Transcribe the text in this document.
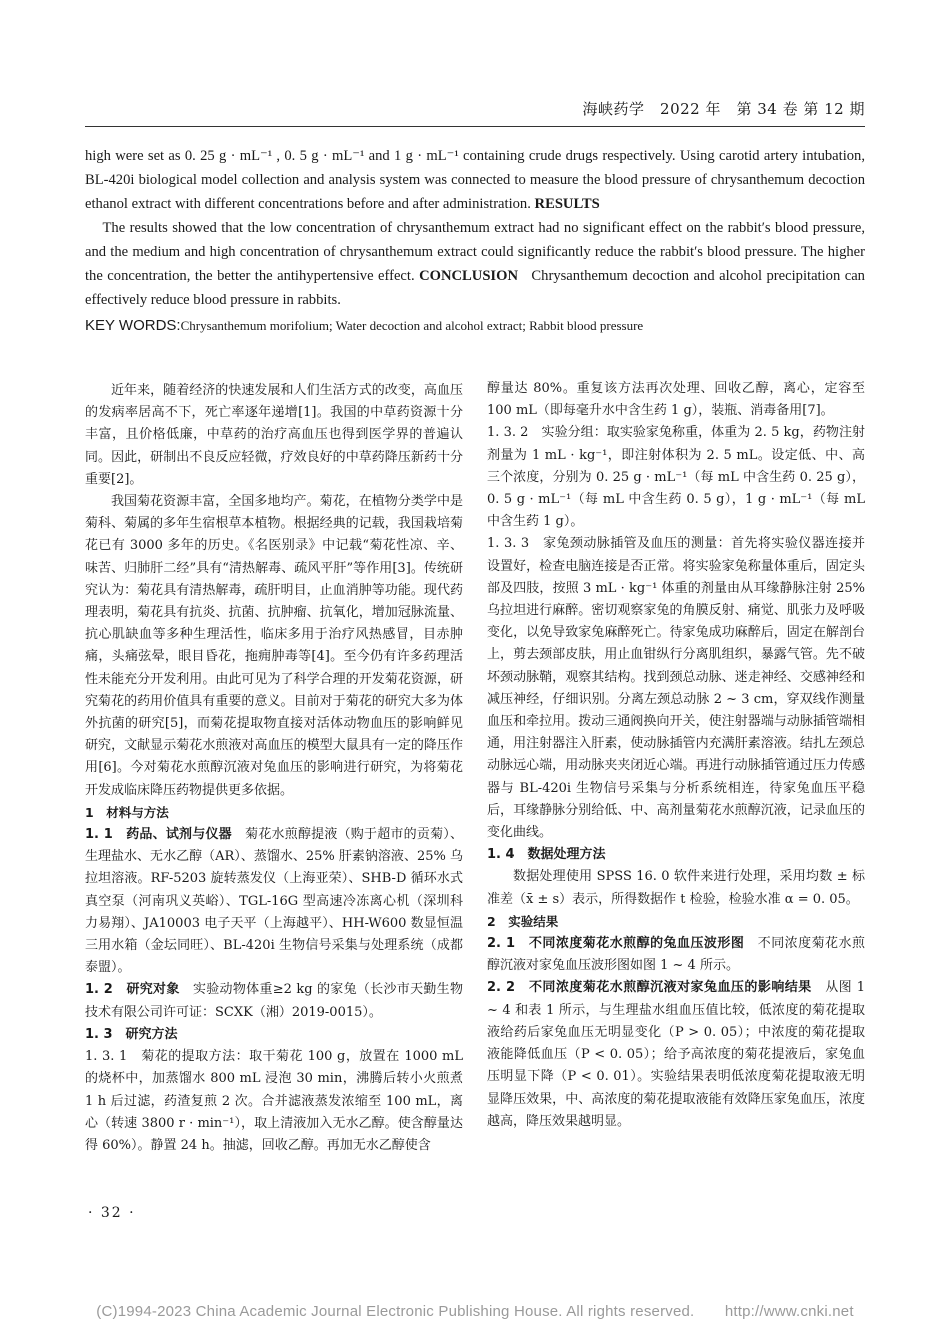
海峡药学　2022 年　第 34 卷 第 12 期

high were set as 0. 25 g · mL⁻¹ , 0. 5 g · mL⁻¹ and 1 g · mL⁻¹ containing crude drugs respectively. Using carotid artery intubation, BL-420i biological model collection and analysis system was connected to measure the blood pressure of chrysanthemum decoction ethanol extract with different concentrations before and after administration. RESULTS

The results showed that the low concentration of chrysanthemum extract had no significant effect on the rabbit′s blood pressure, and the medium and high concentration of chrysanthemum extract could significantly reduce the rabbit′s blood pressure. The higher the concentration, the better the antihypertensive effect. CONCLUSION Chrysanthemum decoction and alcohol precipitation can effectively reduce blood pressure in rabbits.

KEY WORDS:Chrysanthemum morifolium; Water decoction and alcohol extract; Rabbit blood pressure

近年来，随着经济的快速发展和人们生活方式的改变，高血压的发病率居高不下，死亡率逐年递增[1]。我国的中草药资源十分丰富，且价格低廉，中草药的治疗高血压也得到医学界的普遍认同。因此，研制出不良反应轻微，疗效良好的中草药降压新药十分重要[2]。

我国菊花资源丰富，全国多地均产。菊花，在植物分类学中是菊科、菊属的多年生宿根草本植物。根据经典的记载，我国栽培菊花已有 3000 多年的历史。《名医别录》中记载“菊花性凉、辛、味苦、归肺肝二经”具有“清热解毒、疏风平肝”等作用[3]。传统研究认为：菊花具有清热解毒，疏肝明目，止血消肿等功能。现代药理表明，菊花具有抗炎、抗菌、抗肿瘤、抗氧化，增加冠脉流量、抗心肌缺血等多种生理活性，临床多用于治疗风热感冒，目赤肿痛，头痛弦晕，眼目昏花，拖痈肿毒等[4]。至今仍有许多药理活性未能充分开发利用。由此可见为了科学合理的开发菊花资源，研究菊花的药用价值具有重要的意义。目前对于菊花的研究大多为体外抗菌的研究[5]，而菊花提取物直接对活体动物血压的影响鲜见研究，文献显示菊花水煎液对高血压的模型大鼠具有一定的降压作用[6]。今对菊花水煎醇沉液对兔血压的影响进行研究，为将菊花开发成临床降压药物提供更多依据。

1　材料与方法

1. 1　药品、试剂与仪器　菊花水煎醇提液（购于超市的贡菊）、生理盐水、无水乙醇（AR）、蒸馏水、25% 肝素钠溶液、25% 乌拉坦溶液。RF-5203 旋转蒸发仪（上海亚荣）、SHB-D 循环水式真空泵（河南巩义英峪）、TGL-16G 型高速冷冻离心机（深圳科力易翔）、JA10003 电子天平（上海越平）、HH-W600 数显恒温三用水箱（金坛同旺）、BL-420i 生物信号采集与处理系统（成都泰盟）。

1. 2　研究对象　实验动物体重≥2 kg 的家兔（长沙市天勤生物技术有限公司许可证：SCXK（湘）2019-0015）。

1. 3　研究方法

1. 3. 1　菊花的提取方法：取干菊花 100 g，放置在 1000 mL 的烧杯中，加蒸馏水 800 mL 浸泡 30 min，沸腾后转小火煎煮 1 h 后过滤，药渣复煎 2 次。合并滤液蒸发浓缩至 100 mL，离心（转速 3800 r · min⁻¹），取上清液加入无水乙醇。使含醇量达得 60%）。静置 24 h。抽滤，回收乙醇。再加无水乙醇使含

醇量达 80%。重复该方法再次处理、回收乙醇，离心，定容至 100 mL（即每毫升水中含生药 1 g），装瓶、消毒备用[7]。

1. 3. 2　实验分组：取实验家兔称重，体重为 2. 5 kg，药物注射剂量为 1 mL · kg⁻¹，即注射体积为 2. 5 mL。设定低、中、高三个浓度，分别为 0. 25 g · mL⁻¹（每 mL 中含生药 0. 25 g），0. 5 g · mL⁻¹（每 mL 中含生药 0. 5 g），1 g · mL⁻¹（每 mL 中含生药 1 g）。

1. 3. 3　家兔颈动脉插管及血压的测量：首先将实验仪器连接并设置好，检查电脑连接是否正常。将实验家兔称量体重后，固定头部及四肢，按照 3 mL · kg⁻¹ 体重的剂量由从耳缘静脉注射 25% 乌拉坦进行麻醉。密切观察家兔的角膜反射、痛觉、肌张力及呼吸变化，以免导致家兔麻醉死亡。待家兔成功麻醉后，固定在解剖台上，剪去颈部皮肤，用止血钳纵行分离肌组织，暴露气管。先不破坏颈动脉鞘，观察其结构。找到颈总动脉、迷走神经、交感神经和减压神经，仔细识别。分离左颈总动脉 2 ~ 3 cm，穿双线作测量血压和牵拉用。拨动三通阀换向开关，使注射器端与动脉插管端相通，用注射器注入肝素，使动脉插管内充满肝素溶液。结扎左颈总动脉远心端，用动脉夹夹闭近心端。再进行动脉插管通过压力传感器与 BL-420i 生物信号采集与分析系统相连，待家兔血压平稳后，耳缘静脉分别给低、中、高剂量菊花水煎醇沉液，记录血压的变化曲线。

1. 4　数据处理方法

数据处理使用 SPSS 16. 0 软件来进行处理，采用均数 ± 标准差（x̄ ± s）表示，所得数据作 t 检验，检验水准 α = 0. 05。

2　实验结果

2. 1　不同浓度菊花水煎醇的兔血压波形图　不同浓度菊花水煎醇沉液对家兔血压波形图如图 1 ~ 4 所示。

2. 2　不同浓度菊花水煎醇沉液对家兔血压的影响结果　从图 1 ~ 4 和表 1 所示，与生理盐水组血压值比较，低浓度的菊花提取液给药后家兔血压无明显变化（P > 0. 05）；中浓度的菊花提取液能降低血压（P < 0. 05）；给予高浓度的菊花提液后，家兔血压明显下降（P < 0. 01）。实验结果表明低浓度菊花提取液无明显降压效果，中、高浓度的菊花提取液能有效降压家兔血压，浓度越高，降压效果越明显。

· 32 ·
(C)1994-2023 China Academic Journal Electronic Publishing House. All rights reserved.　　http://www.cnki.net
